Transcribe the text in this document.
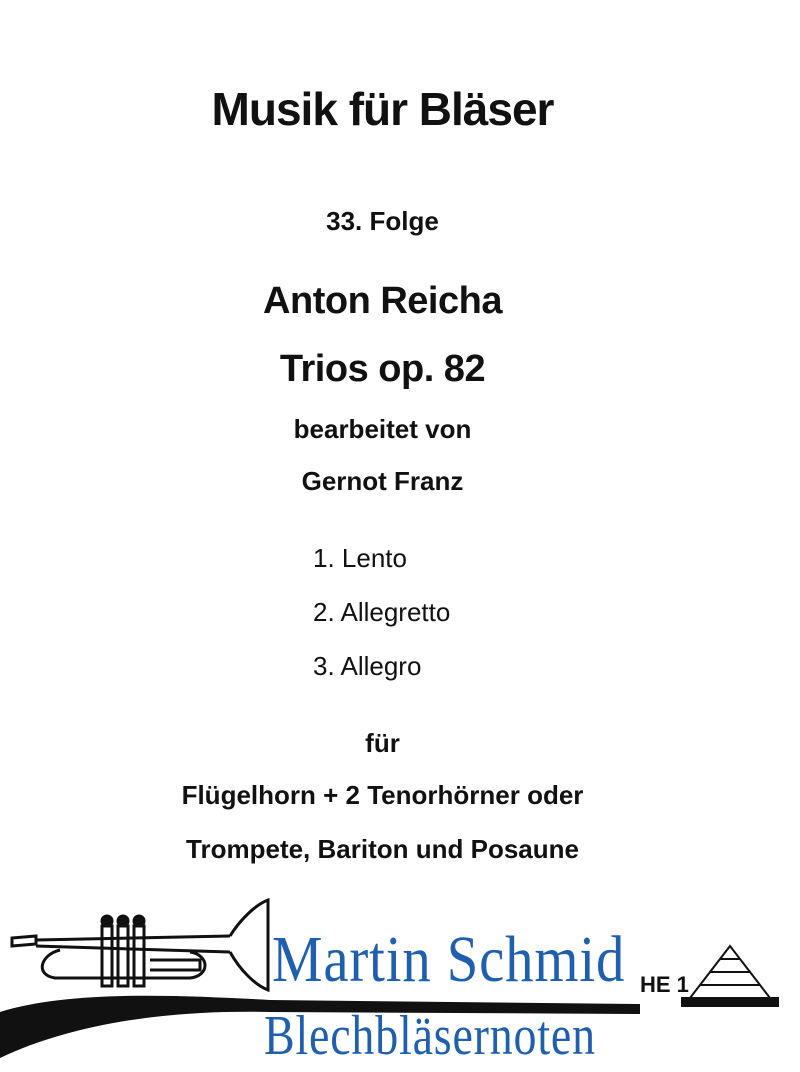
Musik für Bläser
33. Folge
Anton Reicha
Trios op. 82
bearbeitet von
Gernot Franz
1. Lento
2. Allegretto
3. Allegro
für
Flügelhorn + 2 Tenorhörner oder
Trompete, Bariton und Posaune
HE 1
Martin Schmid
Blechbläsernoten
